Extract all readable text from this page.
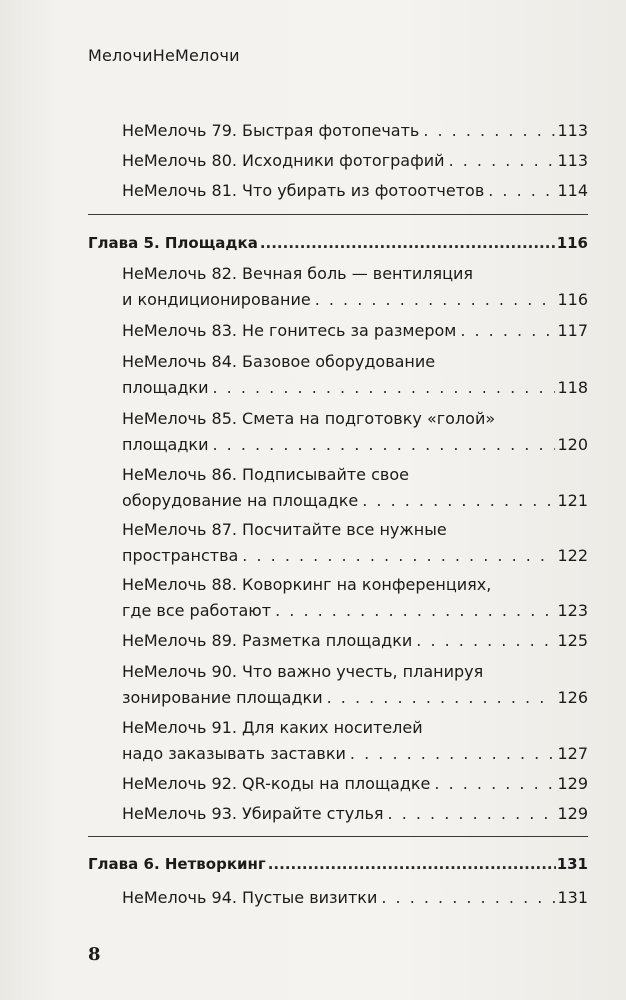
МелочиНеМелочи
НеМелочь 79. Быстрая фотопечать . . .	113
НеМелочь 80. Исходники фотографий . . .	113
НеМелочь 81. Что убирать из фотоотчетов . . .	114
Глава 5. Площадка .....	116
НеМелочь 82. Вечная боль — вентиляция
и кондиционирование . . .	116
НеМелочь 83. Не гонитесь за размером . . .	117
НеМелочь 84. Базовое оборудование
площадки . . .	118
НеМелочь 85. Смета на подготовку «голой»
площадки . . .	120
НеМелочь 86. Подписывайте свое
оборудование на площадке . . .	121
НеМелочь 87. Посчитайте все нужные
пространства . . .	122
НеМелочь 88. Коворкинг на конференциях,
где все работают . . .	123
НеМелочь 89. Разметка площадки . . .	125
НеМелочь 90. Что важно учесть, планируя
зонирование площадки . . .	126
НеМелочь 91. Для каких носителей
надо заказывать заставки . . .	127
НеМелочь 92. QR-коды на площадке . . .	129
НеМелочь 93. Убирайте стулья . . .	129
Глава 6. Нетворкинг .....	131
НеМелочь 94. Пустые визитки . . .	131
8
